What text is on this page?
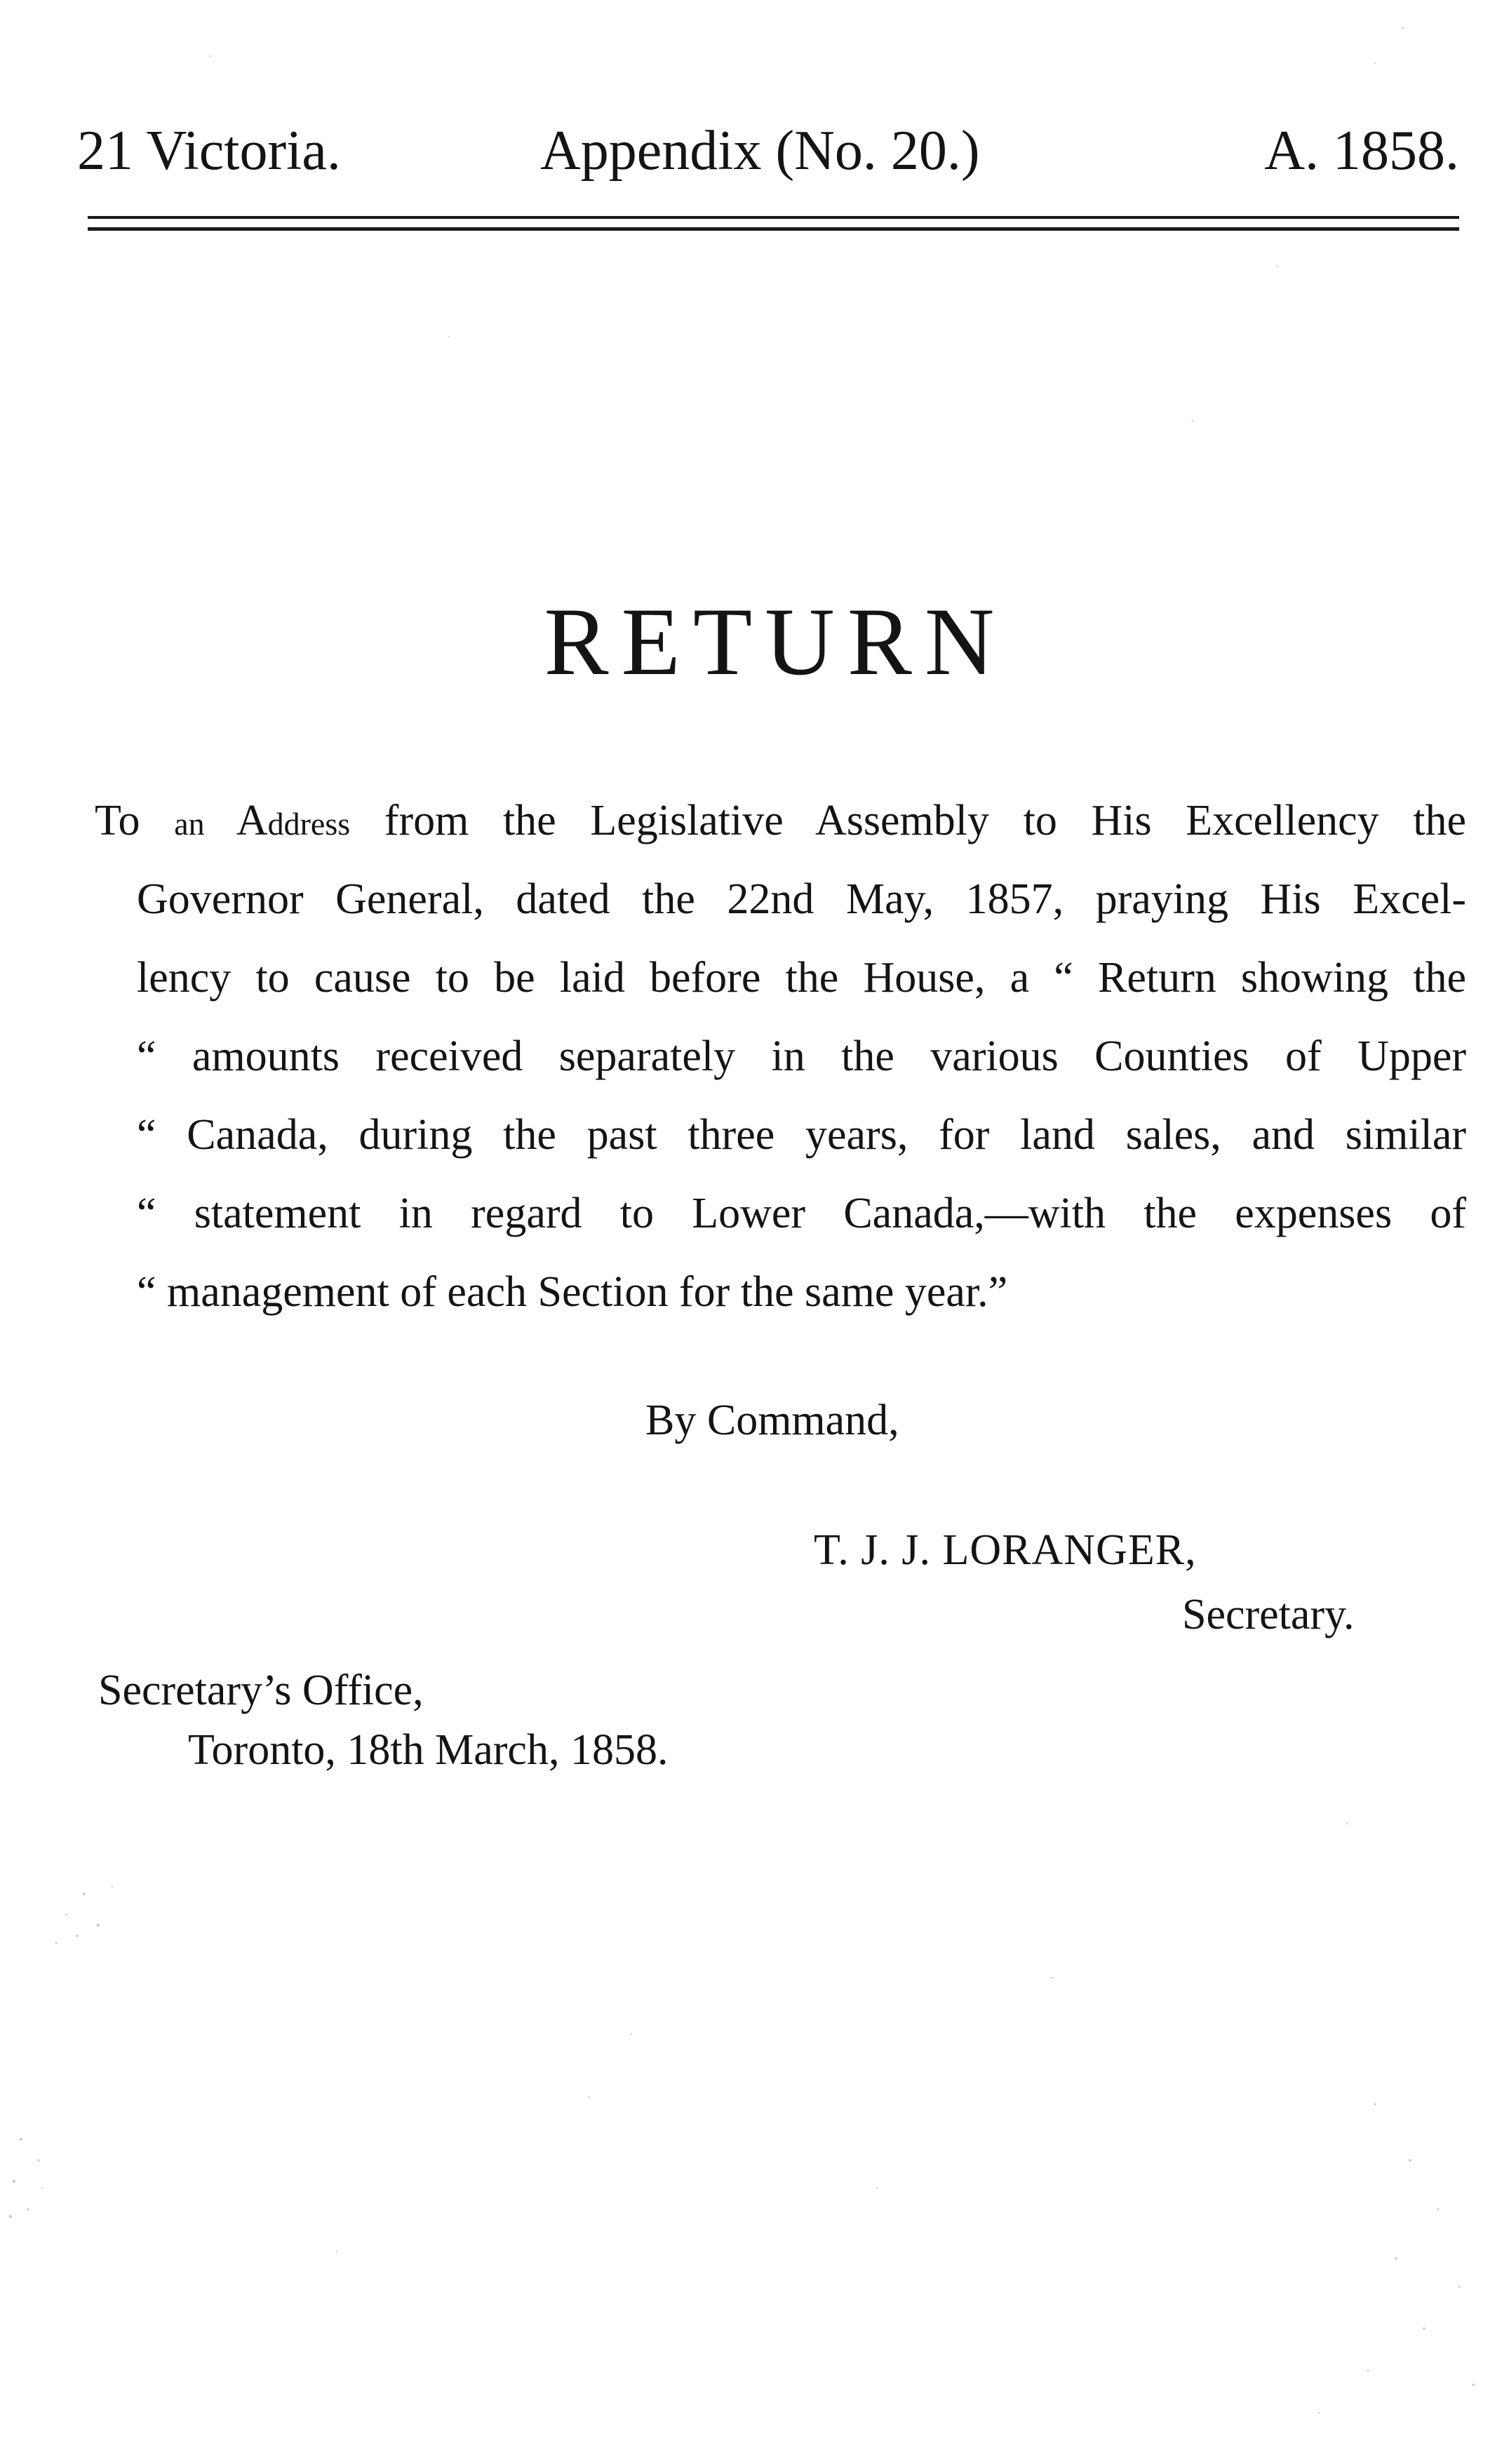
21 Victoria.	Appendix (No. 20.)	A. 1858.
RETURN
To an Address from the Legislative Assembly to His Excellency the
Governor General, dated the 22nd May, 1857, praying His Excel-
lency to cause to be laid before the House, a “ Return showing the
“ amounts received separately in the various Counties of Upper
“ Canada, during the past three years, for land sales, and similar
“ statement in regard to Lower Canada,—with the expenses of
“ management of each Section for the same year.”
By Command,
T. J. J. LORANGER,
Secretary.
Secretary’s Office,
Toronto, 18th March, 1858.
